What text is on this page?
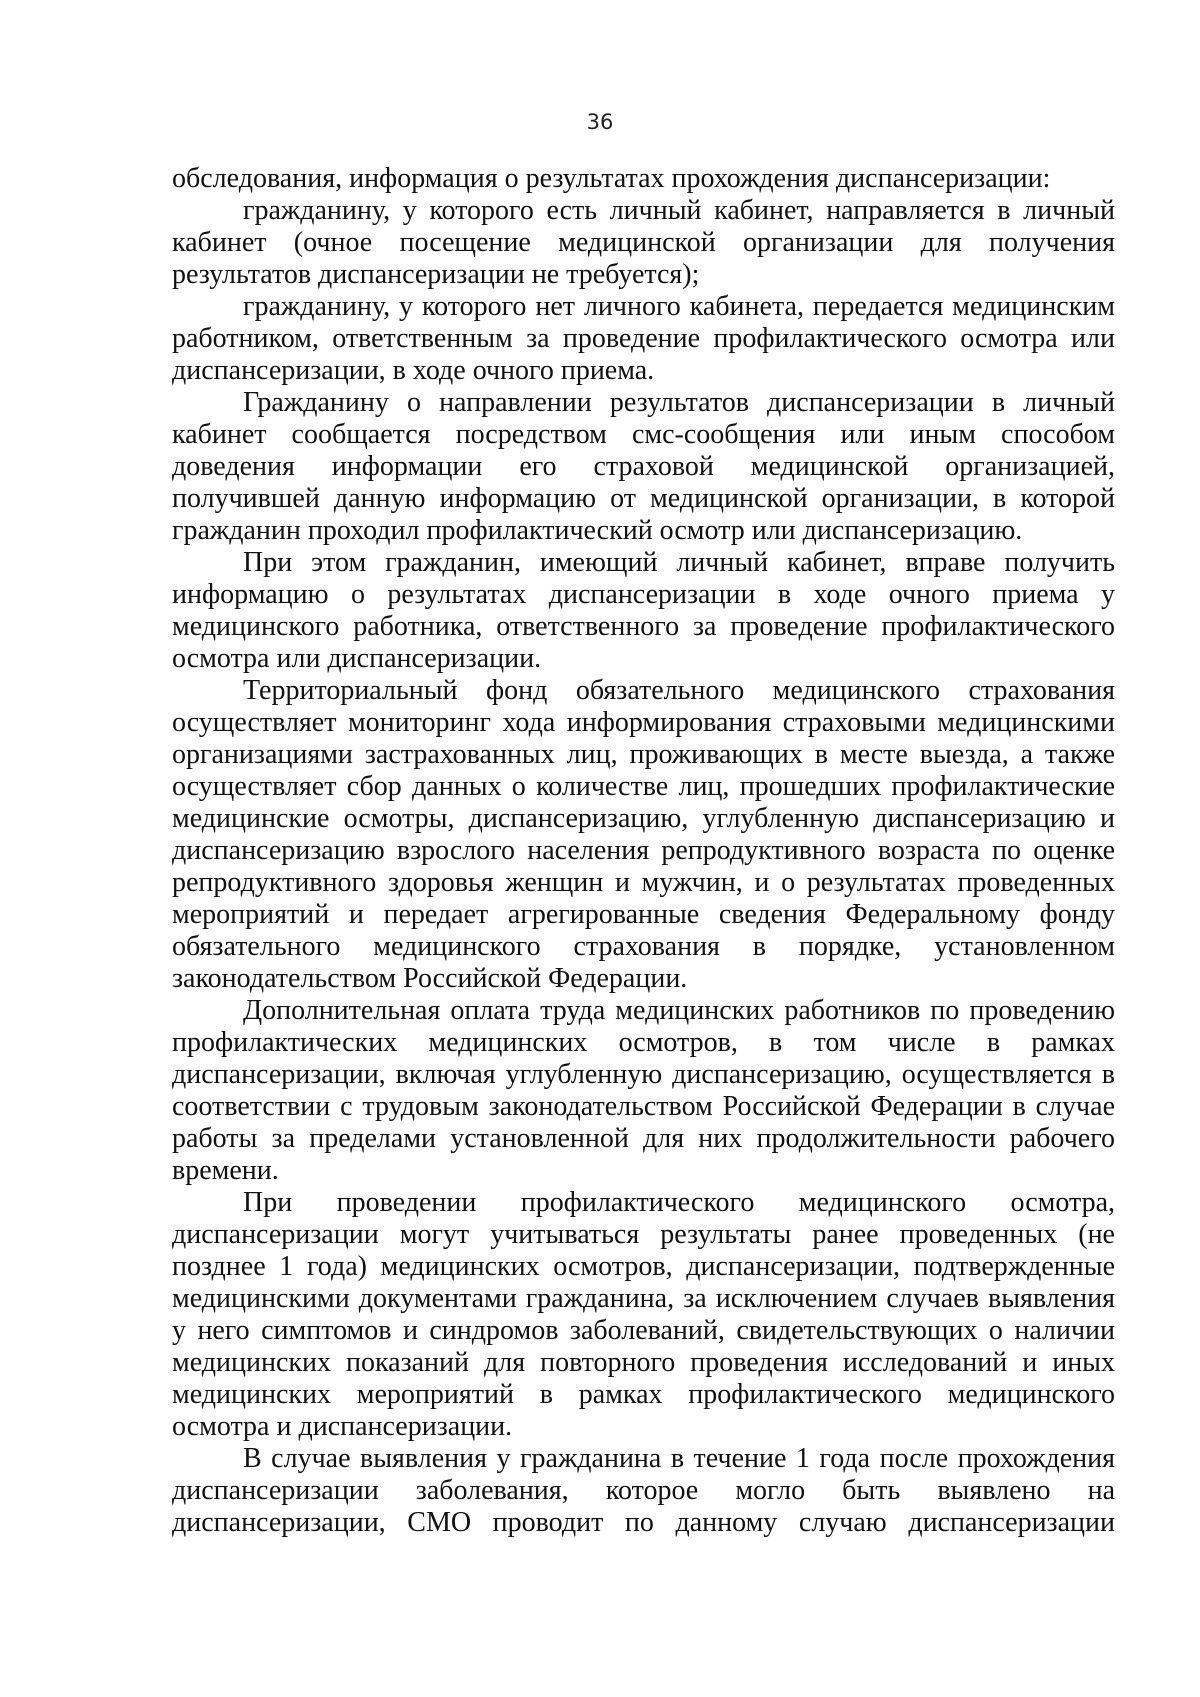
36

обследования, информация о результатах прохождения диспансеризации:

гражданину, у которого есть личный кабинет, направляется в личный кабинет (очное посещение медицинской организации для получения результатов диспансеризации не требуется);

гражданину, у которого нет личного кабинета, передается медицинским работником, ответственным за проведение профилактического осмотра или диспансеризации, в ходе очного приема.

Гражданину о направлении результатов диспансеризации в личный кабинет сообщается посредством смс-сообщения или иным способом доведения информации его страховой медицинской организацией, получившей данную информацию от медицинской организации, в которой гражданин проходил профилактический осмотр или диспансеризацию.

При этом гражданин, имеющий личный кабинет, вправе получить информацию о результатах диспансеризации в ходе очного приема у медицинского работника, ответственного за проведение профилактического осмотра или диспансеризации.

Территориальный фонд обязательного медицинского страхования осуществляет мониторинг хода информирования страховыми медицинскими организациями застрахованных лиц, проживающих в месте выезда, а также осуществляет сбор данных о количестве лиц, прошедших профилактические медицинские осмотры, диспансеризацию, углубленную диспансеризацию и диспансеризацию взрослого населения репродуктивного возраста по оценке репродуктивного здоровья женщин и мужчин, и о результатах проведенных мероприятий и передает агрегированные сведения Федеральному фонду обязательного медицинского страхования в порядке, установленном законодательством Российской Федерации.

Дополнительная оплата труда медицинских работников по проведению профилактических медицинских осмотров, в том числе в рамках диспансеризации, включая углубленную диспансеризацию, осуществляется в соответствии с трудовым законодательством Российской Федерации в случае работы за пределами установленной для них продолжительности рабочего времени.

При проведении профилактического медицинского осмотра, диспансеризации могут учитываться результаты ранее проведенных (не позднее 1 года) медицинских осмотров, диспансеризации, подтвержденные медицинскими документами гражданина, за исключением случаев выявления у него симптомов и синдромов заболеваний, свидетельствующих о наличии медицинских показаний для повторного проведения исследований и иных медицинских мероприятий в рамках профилактического медицинского осмотра и диспансеризации.

В случае выявления у гражданина в течение 1 года после прохождения диспансеризации заболевания, которое могло быть выявлено на диспансеризации, СМО проводит по данному случаю диспансеризации
